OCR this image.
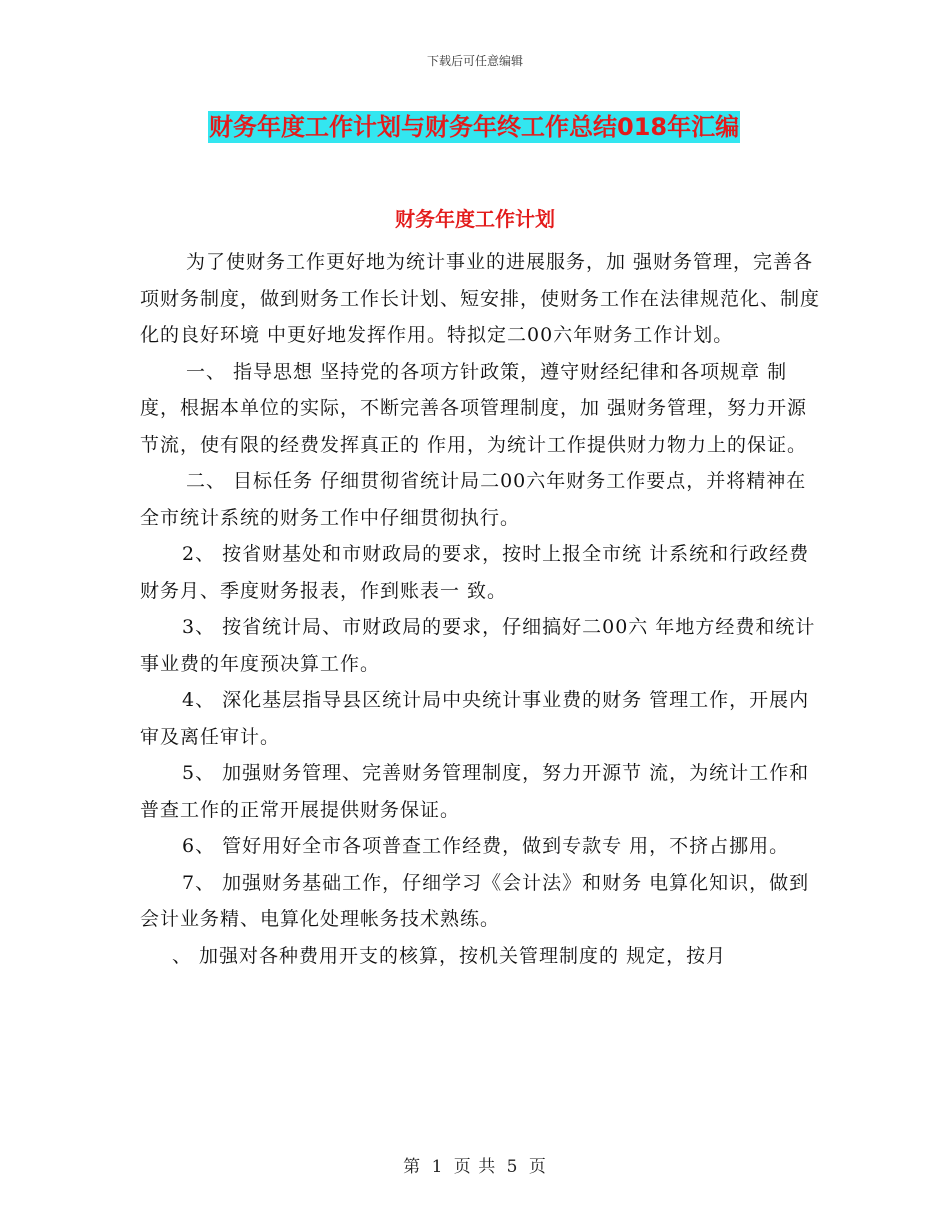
下载后可任意编辑
财务年度工作计划与财务年终工作总结018年汇编
财务年度工作计划

为了使财务工作更好地为统计事业的进展服务，加 强财务管理，完善各项财务制度，做到财务工作长计划、短安排，使财务工作在法律规范化、制度化的良好环境 中更好地发挥作用。特拟定二00六年财务工作计划。

一、 指导思想 坚持党的各项方针政策，遵守财经纪律和各项规章 制度，根据本单位的实际，不断完善各项管理制度，加 强财务管理，努力开源节流，使有限的经费发挥真正的 作用，为统计工作提供财力物力上的保证。

二、 目标任务 仔细贯彻省统计局二00六年财务工作要点，并将精神在全市统计系统的财务工作中仔细贯彻执行。

2、 按省财基处和市财政局的要求，按时上报全市统 计系统和行政经费财务月、季度财务报表，作到账表一 致。

3、 按省统计局、市财政局的要求，仔细搞好二00六 年地方经费和统计事业费的年度预决算工作。

4、 深化基层指导县区统计局中央统计事业费的财务 管理工作，开展内审及离任审计。

5、 加强财务管理、完善财务管理制度，努力开源节 流，为统计工作和普查工作的正常开展提供财务保证。

6、 管好用好全市各项普查工作经费，做到专款专 用，不挤占挪用。

7、 加强财务基础工作，仔细学习《会计法》和财务 电算化知识，做到会计业务精、电算化处理帐务技术熟练。

、 加强对各种费用开支的核算，按机关管理制度的 规定，按月

第 1 页 共 5 页
